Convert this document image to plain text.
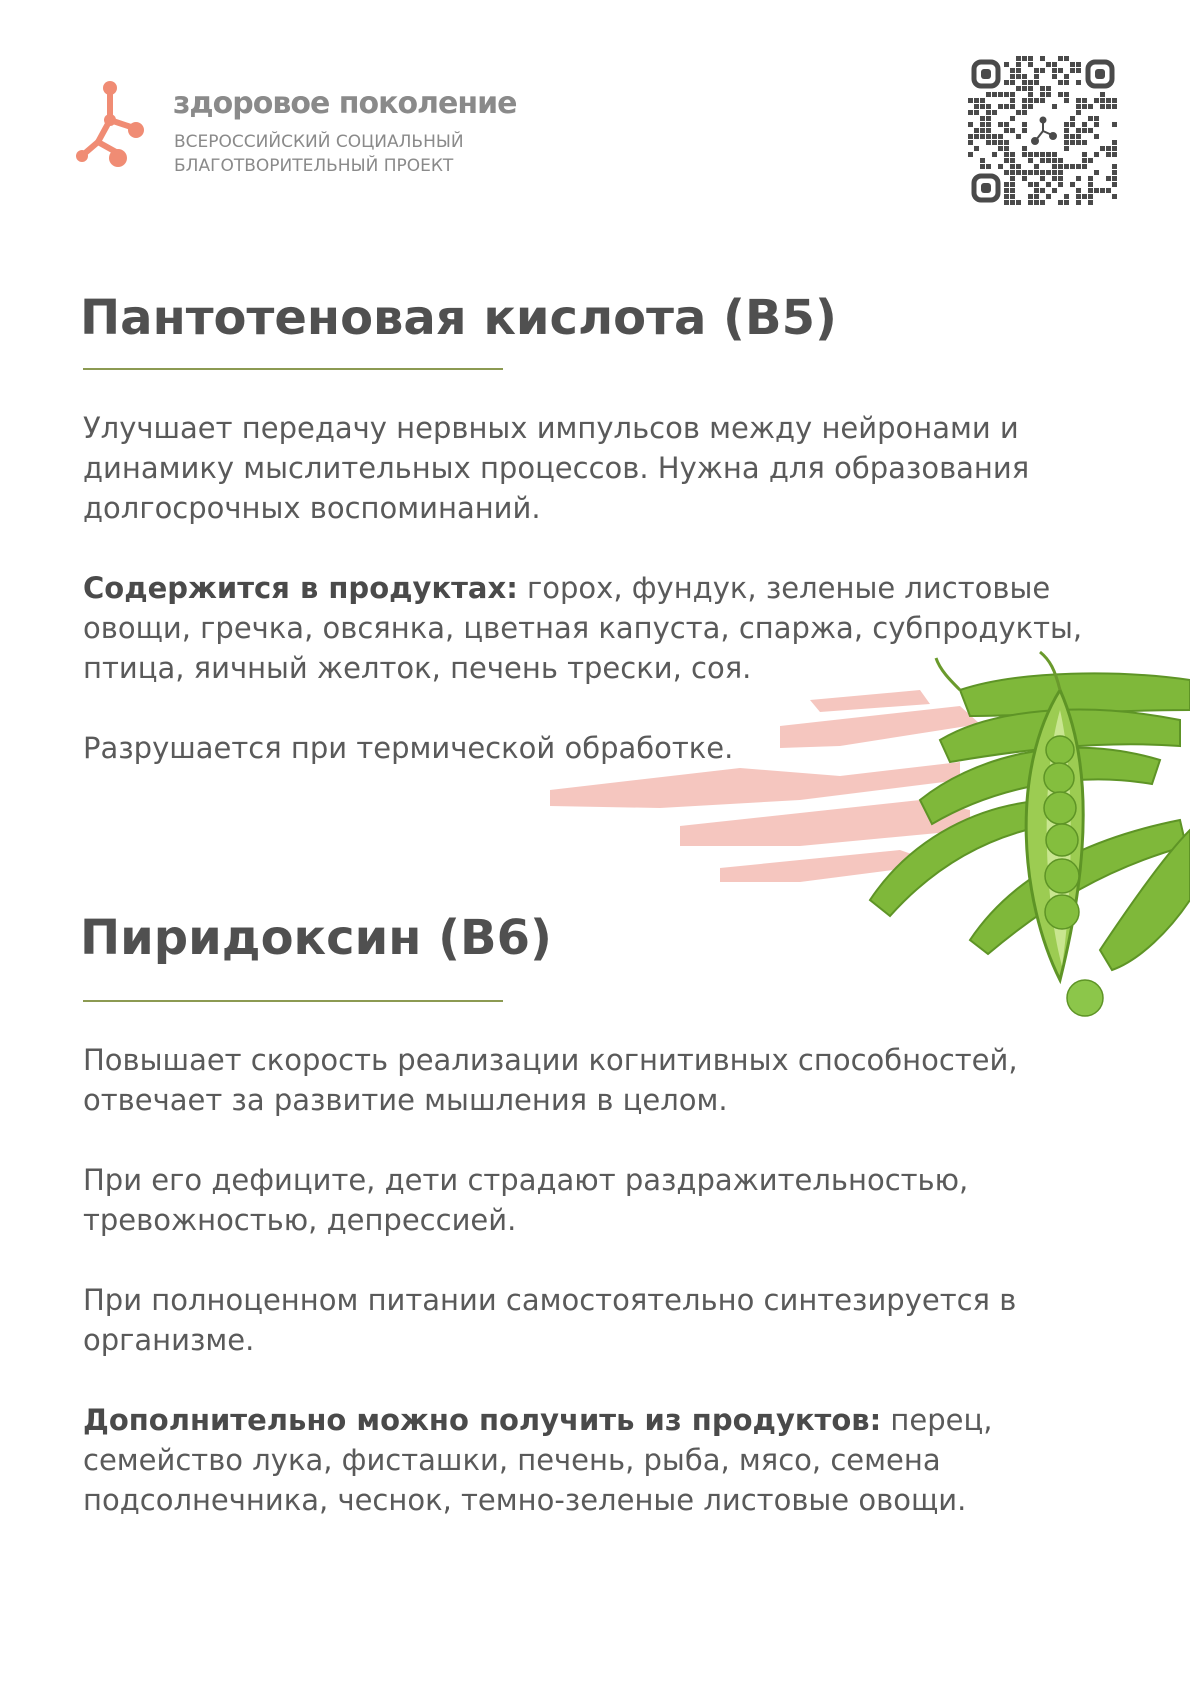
здоровое поколение
ВСЕРОССИЙСКИЙ СОЦИАЛЬНЫЙ
БЛАГОТВОРИТЕЛЬНЫЙ ПРОЕКТ
Пантотеновая кислота (B5)

Улучшает передачу нервных импульсов между нейронами и динамику мыслительных процессов. Нужна для образования долгосрочных воспоминаний.

Содержится в продуктах: горох, фундук, зеленые листовые овощи, гречка, овсянка, цветная капуста, спаржа, субпродукты, птица, яичный желток, печень трески, соя.

Разрушается при термической обработке.

Пиридоксин (B6)

Повышает скорость реализации когнитивных способностей, отвечает за развитие мышления в целом.

При его дефиците, дети страдают раздражительностью, тревожностью, депрессией.

При полноценном питании самостоятельно синтезируется в организме.

Дополнительно можно получить из продуктов: перец, семейство лука, фисташки, печень, рыба, мясо, семена подсолнечника, чеснок, темно-зеленые листовые овощи.
